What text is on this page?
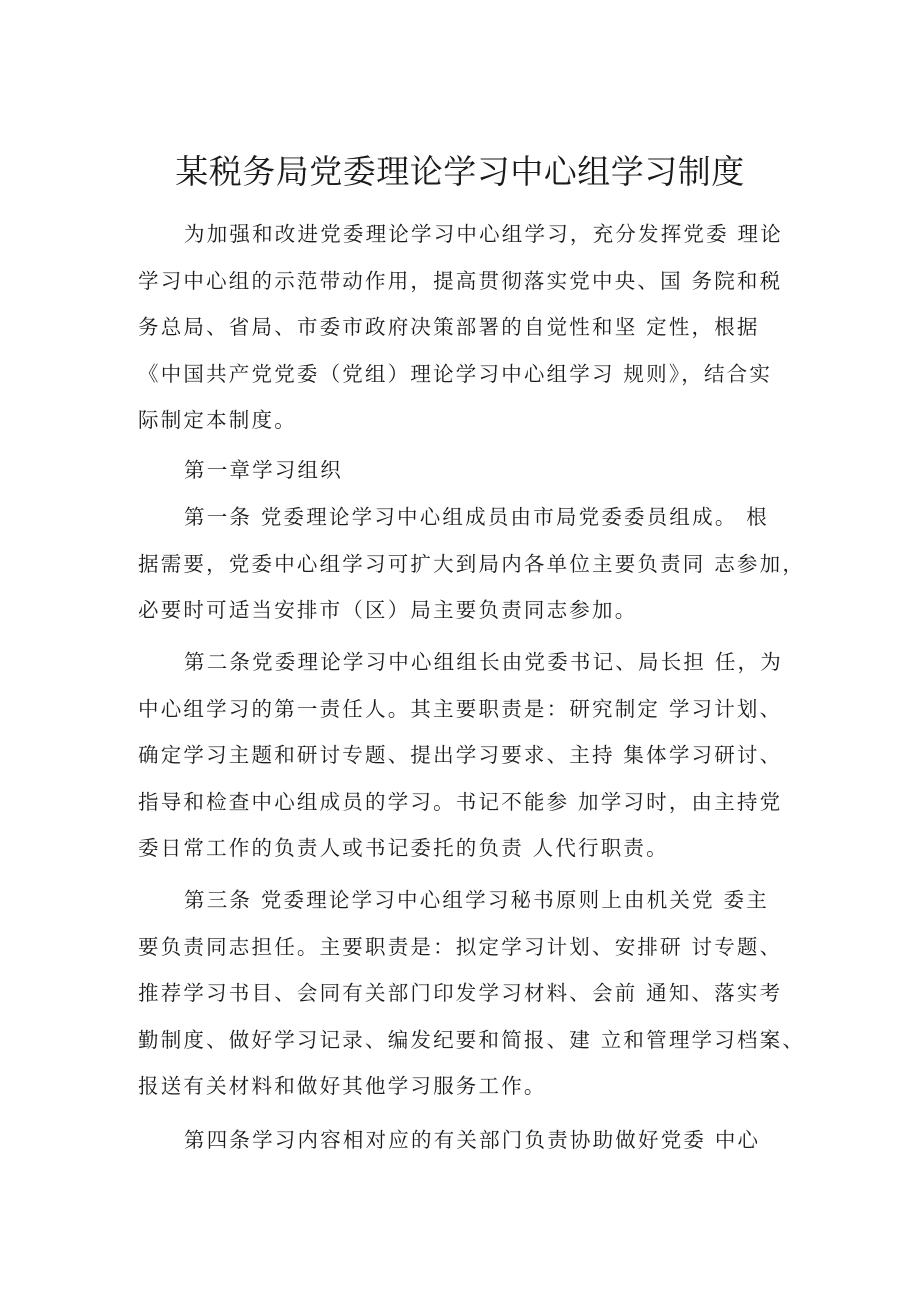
某税务局党委理论学习中心组学习制度

为加强和改进党委理论学习中心组学习，充分发挥党委 理论
学习中心组的示范带动作用，提高贯彻落实党中央、国 务院和税
务总局、省局、市委市政府决策部署的自觉性和坚 定性，根据
《中国共产党党委（党组）理论学习中心组学习 规则》，结合实
际制定本制度。

第一章学习组织

第一条 党委理论学习中心组成员由市局党委委员组成。 根
据需要，党委中心组学习可扩大到局内各单位主要负责同 志参加，
必要时可适当安排市（区）局主要负责同志参加。

第二条党委理论学习中心组组长由党委书记、局长担 任，为
中心组学习的第一责任人。其主要职责是：研究制定 学习计划、
确定学习主题和研讨专题、提出学习要求、主持 集体学习研讨、
指导和检查中心组成员的学习。书记不能参 加学习时，由主持党
委日常工作的负责人或书记委托的负责 人代行职责。

第三条 党委理论学习中心组学习秘书原则上由机关党 委主
要负责同志担任。主要职责是：拟定学习计划、安排研 讨专题、
推荐学习书目、会同有关部门印发学习材料、会前 通知、落实考
勤制度、做好学习记录、编发纪要和简报、建 立和管理学习档案、
报送有关材料和做好其他学习服务工作。

第四条学习内容相对应的有关部门负责协助做好党委 中心
